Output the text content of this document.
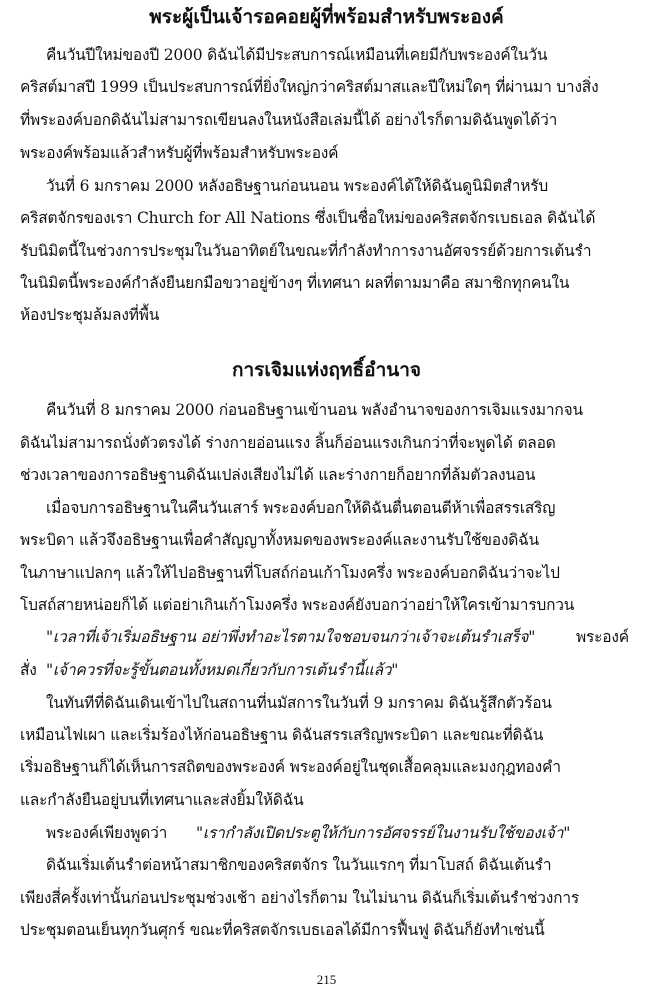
พระผู้เป็นเจ้ารอคอยผู้ที่พร้อมสำหรับพระองค์

คืนวันปีใหม่ของปี 2000 ดิฉันได้มีประสบการณ์เหมือนที่เคยมีกับพระองค์ในวัน

คริสต์มาสปี 1999 เป็นประสบการณ์ที่ยิ่งใหญ่กว่าคริสต์มาสและปีใหม่ใดๆ ที่ผ่านมา บางสิ่ง

ที่พระองค์บอกดิฉันไม่สามารถเขียนลงในหนังสือเล่มนี้ได้ อย่างไรก็ตามดิฉันพูดได้ว่า

พระองค์พร้อมแล้วสำหรับผู้ที่พร้อมสำหรับพระองค์

วันที่ 6 มกราคม 2000 หลังอธิษฐานก่อนนอน พระองค์ได้ให้ดิฉันดูนิมิตสำหรับ

คริสตจักรของเรา Church for All Nations ซึ่งเป็นชื่อใหม่ของคริสตจักรเบธเอล ดิฉันได้

รับนิมิตนี้ในช่วงการประชุมในวันอาทิตย์ในขณะที่กำลังทำการงานอัศจรรย์ด้วยการเต้นรำ

ในนิมิตนี้พระองค์กำลังยืนยกมือขวาอยู่ข้างๆ ที่เทศนา ผลที่ตามมาคือ สมาชิกทุกคนใน

ห้องประชุมล้มลงที่พื้น

การเจิมแห่งฤทธิ์อำนาจ

คืนวันที่ 8 มกราคม 2000 ก่อนอธิษฐานเข้านอน พลังอำนาจของการเจิมแรงมากจน

ดิฉันไม่สามารถนั่งตัวตรงได้ ร่างกายอ่อนแรง ลิ้นก็อ่อนแรงเกินกว่าที่จะพูดได้ ตลอด

ช่วงเวลาของการอธิษฐานดิฉันเปล่งเสียงไม่ได้ และร่างกายก็อยากที่ล้มตัวลงนอน

เมื่อจบการอธิษฐานในคืนวันเสาร์ พระองค์บอกให้ดิฉันตื่นตอนตีห้าเพื่อสรรเสริญ

พระบิดา แล้วจึงอธิษฐานเพื่อคำสัญญาทั้งหมดของพระองค์และงานรับใช้ของดิฉัน

ในภาษาแปลกๆ แล้วให้ไปอธิษฐานที่โบสถ์ก่อนเก้าโมงครึ่ง พระองค์บอกดิฉันว่าจะไป

โบสถ์สายหน่อยก็ได้ แต่อย่าเกินเก้าโมงครึ่ง พระองค์ยังบอกว่าอย่าให้ใครเข้ามารบกวน

"เวลาที่เจ้าเริ่มอธิษฐาน อย่าพึ่งทำอะไรตามใจชอบจนกว่าเจ้าจะเต้นรำเสร็จ"	พระองค์

สั่ง "เจ้าควรที่จะรู้ขั้นตอนทั้งหมดเกี่ยวกับการเต้นรำนี้แล้ว"

ในทันทีที่ดิฉันเดินเข้าไปในสถานที่นมัสการในวันที่ 9 มกราคม ดิฉันรู้สึกตัวร้อน

เหมือนไฟเผา และเริ่มร้องไห้ก่อนอธิษฐาน ดิฉันสรรเสริญพระบิดา และขณะที่ดิฉัน

เริ่มอธิษฐานก็ได้เห็นการสถิตของพระองค์ พระองค์อยู่ในชุดเสื้อคลุมและมงกุฎทองคำ

และกำลังยืนอยู่บนที่เทศนาและส่งยิ้มให้ดิฉัน

พระองค์เพียงพูดว่า "เรากำลังเปิดประตูให้กับการอัศจรรย์ในงานรับใช้ของเจ้า"

ดิฉันเริ่มเต้นรำต่อหน้าสมาชิกของคริสตจักร ในวันแรกๆ ที่มาโบสถ์ ดิฉันเต้นรำ

เพียงสี่ครั้งเท่านั้นก่อนประชุมช่วงเช้า อย่างไรก็ตาม ในไม่นาน ดิฉันก็เริ่มเต้นรำช่วงการ

ประชุมตอนเย็นทุกวันศุกร์ ขณะที่คริสตจักรเบธเอลได้มีการฟื้นฟู ดิฉันก็ยังทำเช่นนี้

215
